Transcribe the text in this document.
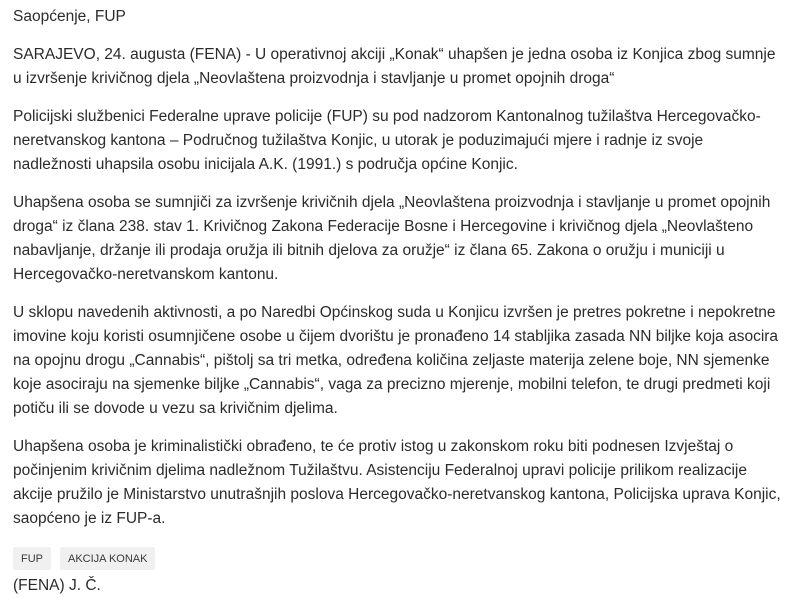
Saopćenje, FUP

SARAJEVO, 24. augusta (FENA) - U operativnoj akciji „Konak“ uhapšen je jedna osoba iz Konjica zbog sumnje u izvršenje krivičnog djela „Neovlaštena proizvodnja i stavljanje u promet opojnih droga“

Policijski službenici Federalne uprave policije (FUP) su pod nadzorom Kantonalnog tužilaštva Hercegovačko-neretvanskog kantona – Područnog tužilaštva Konjic, u utorak je poduzimajući mjere i radnje iz svoje nadležnosti uhapsila osobu inicijala A.K. (1991.) s područja općine Konjic.

Uhapšena osoba se sumnjiči za izvršenje krivičnih djela „Neovlaštena proizvodnja i stavljanje u promet opojnih droga“ iz člana 238. stav 1. Krivičnog Zakona Federacije Bosne i Hercegovine i krivičnog djela „Neovlašteno nabavljanje, držanje ili prodaja oružja ili bitnih djelova za oružje“ iz člana 65. Zakona o oružju i municiji u Hercegovačko-neretvanskom kantonu.

U sklopu navedenih aktivnosti, a po Naredbi Općinskog suda u Konjicu izvršen je pretres pokretne i nepokretne imovine koju koristi osumnjičene osobe u čijem dvorištu je pronađeno 14 stabljika zasada NN biljke koja asocira na opojnu drogu „Cannabis“, pištolj sa tri metka, određena količina zeljaste materija zelene boje, NN sjemenke koje asociraju na sjemenke biljke „Cannabis“, vaga za precizno mjerenje, mobilni telefon, te drugi predmeti koji potiču ili se dovode u vezu sa krivičnim djelima.

Uhapšena osoba je kriminalistički obrađeno, te će protiv istog u zakonskom roku biti podnesen Izvještaj o počinjenim krivičnim djelima nadležnom Tužilaštvu. Asistenciju Federalnoj upravi policije prilikom realizacije akcije pružilo je Ministarstvo unutrašnjih poslova Hercegovačko-neretvanskog kantona, Policijska uprava Konjic, saopćeno je iz FUP-a.

FUP	AKCIJA KONAK

(FENA) J. Č.
